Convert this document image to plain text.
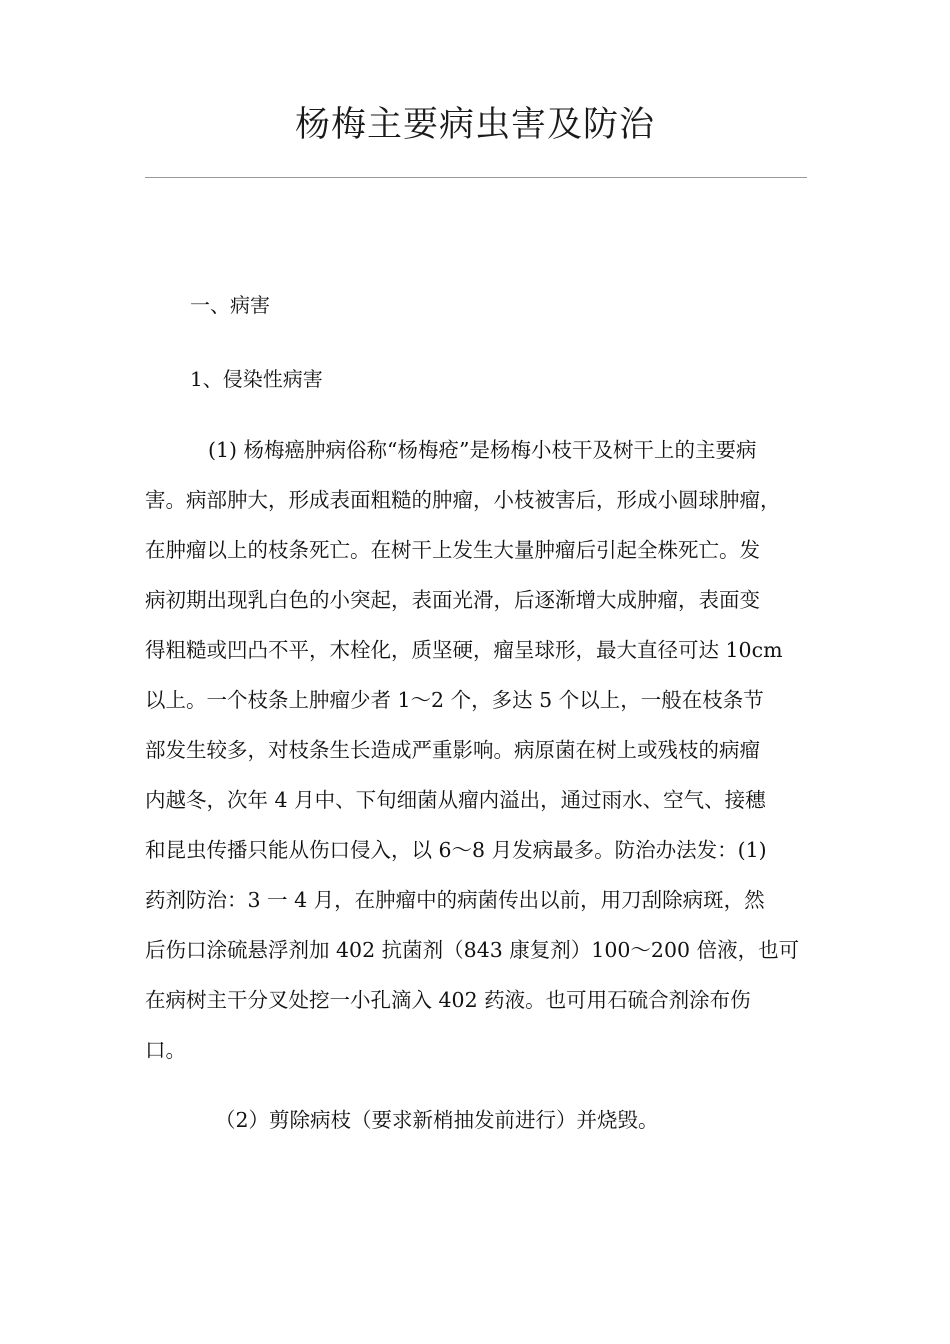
杨梅主要病虫害及防治
一、病害
1、侵染性病害
(1) 杨梅癌肿病俗称“杨梅疮”是杨梅小枝干及树干上的主要病
害。病部肿大，形成表面粗糙的肿瘤，小枝被害后，形成小圆球肿瘤，
在肿瘤以上的枝条死亡。在树干上发生大量肿瘤后引起全株死亡。发
病初期出现乳白色的小突起，表面光滑，后逐渐增大成肿瘤，表面变
得粗糙或凹凸不平，木栓化，质坚硬，瘤呈球形，最大直径可达 10cm
以上。一个枝条上肿瘤少者 1～2 个，多达 5 个以上，一般在枝条节
部发生较多，对枝条生长造成严重影响。病原菌在树上或残枝的病瘤
内越冬，次年 4 月中、下旬细菌从瘤内溢出，通过雨水、空气、接穗
和昆虫传播只能从伤口侵入，以 6～8 月发病最多。防治办法发：(1)
药剂防治：3 一 4 月，在肿瘤中的病菌传出以前，用刀刮除病斑，然
后伤口涂硫悬浮剂加 402 抗菌剂（843 康复剂）100～200 倍液，也可
在病树主干分叉处挖一小孔滴入 402 药液。也可用石硫合剂涂布伤
口。
（2）剪除病枝（要求新梢抽发前进行）并烧毁。
